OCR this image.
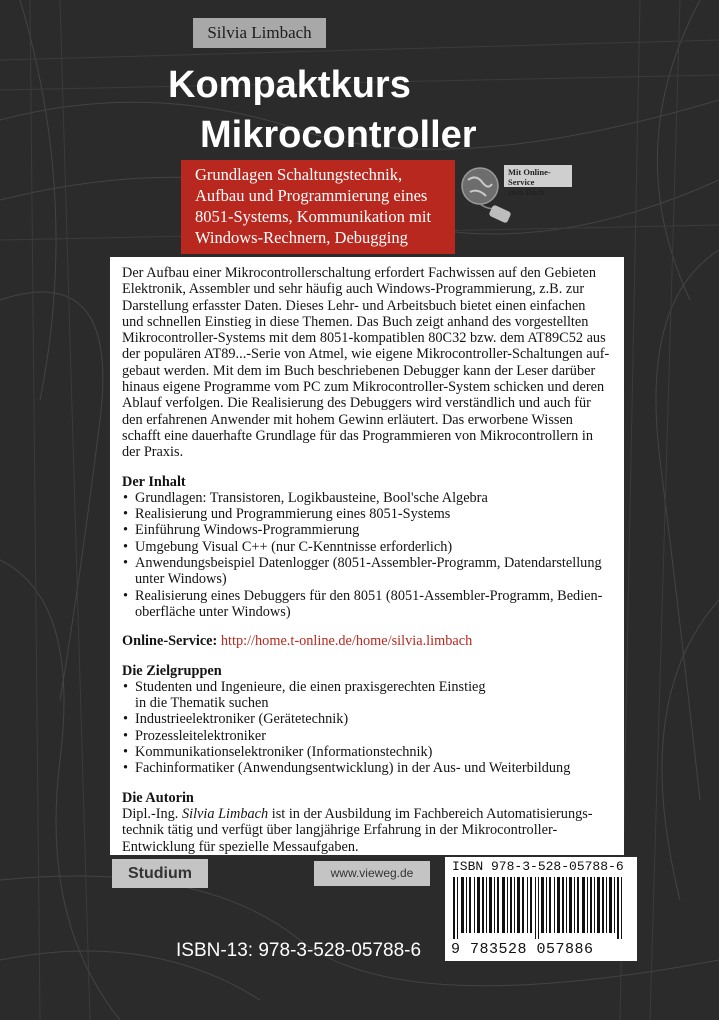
Silvia Limbach
Kompaktkurs
Mikrocontroller
Grundlagen Schaltungstechnik,
Aufbau und Programmierung eines
8051-Systems, Kommunikation mit
Windows-Rechnern, Debugging
Mit Online-Service
zum Buch

Der Aufbau einer Mikrocontrollerschaltung erfordert Fachwissen auf den Gebieten
Elektronik, Assembler und sehr häufig auch Windows-Programmierung, z.B. zur
Darstellung erfasster Daten. Dieses Lehr- und Arbeitsbuch bietet einen einfachen
und schnellen Einstieg in diese Themen. Das Buch zeigt anhand des vorgestellten
Mikrocontroller-Systems mit dem 8051-kompatiblen 80C32 bzw. dem AT89C52 aus
der populären AT89...-Serie von Atmel, wie eigene Mikrocontroller-Schaltungen auf-
gebaut werden. Mit dem im Buch beschriebenen Debugger kann der Leser darüber
hinaus eigene Programme vom PC zum Mikrocontroller-System schicken und deren
Ablauf verfolgen. Die Realisierung des Debuggers wird verständlich und auch für
den erfahrenen Anwender mit hohem Gewinn erläutert. Das erworbene Wissen
schafft eine dauerhafte Grundlage für das Programmieren von Mikrocontrollern in
der Praxis.

Der Inhalt
• Grundlagen: Transistoren, Logikbausteine, Bool'sche Algebra
• Realisierung und Programmierung eines 8051-Systems
• Einführung Windows-Programmierung
• Umgebung Visual C++ (nur C-Kenntnisse erforderlich)
• Anwendungsbeispiel Datenlogger (8051-Assembler-Programm, Datendarstellung
unter Windows)
• Realisierung eines Debuggers für den 8051 (8051-Assembler-Programm, Bedien-
oberfläche unter Windows)
Online-Service: http://home.t-online.de/home/silvia.limbach
Die Zielgruppen
• Studenten und Ingenieure, die einen praxisgerechten Einstieg
in die Thematik suchen
• Industrieelektroniker (Gerätetechnik)
• Prozessleitelektroniker
• Kommunikationselektroniker (Informationstechnik)
• Fachinformatiker (Anwendungsentwicklung) in der Aus- und Weiterbildung
Die Autorin

Dipl.-Ing. Silvia Limbach ist in der Ausbildung im Fachbereich Automatisierungs-
technik tätig und verfügt über langjährige Erfahrung in der Mikrocontroller-
Entwicklung für spezielle Messaufgaben.

Studium	www.vieweg.de	ISBN 978-3-528-05788-6
9 783528 057886
ISBN-13: 978-3-528-05788-6
